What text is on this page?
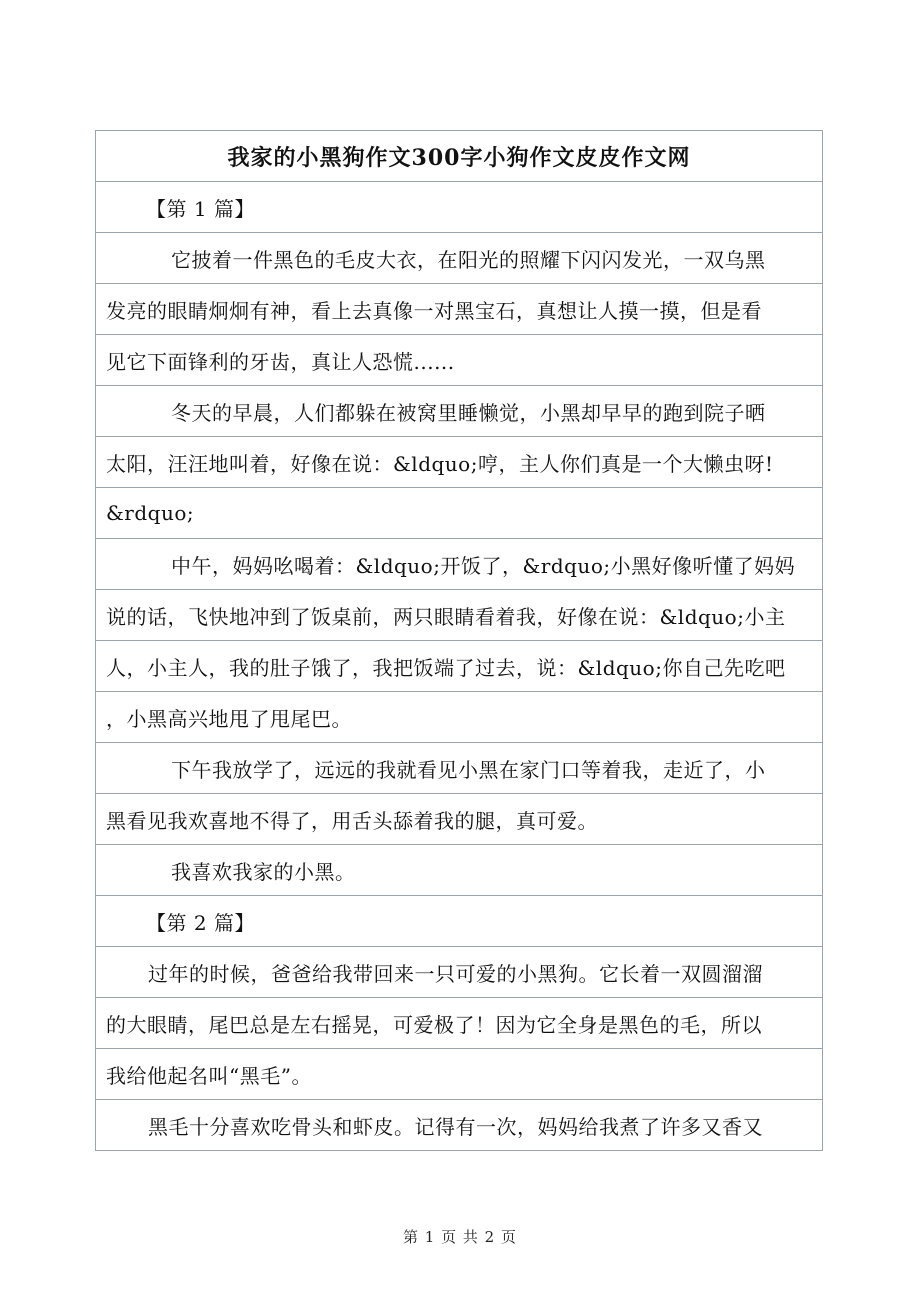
我家的小黑狗作文300字小狗作文皮皮作文网
【第 1 篇】
它披着一件黑色的毛皮大衣，在阳光的照耀下闪闪发光，一双乌黑
发亮的眼睛炯炯有神，看上去真像一对黑宝石，真想让人摸一摸，但是看
见它下面锋利的牙齿，真让人恐慌......
冬天的早晨，人们都躲在被窝里睡懒觉，小黑却早早的跑到院子晒
太阳，汪汪地叫着，好像在说：&ldquo;哼，主人你们真是一个大懒虫呀!
&rdquo;
中午，妈妈吆喝着：&ldquo;开饭了，&rdquo;小黑好像听懂了妈妈
说的话，飞快地冲到了饭桌前，两只眼睛看着我，好像在说：&ldquo;小主
人，小主人，我的肚子饿了，我把饭端了过去，说：&ldquo;你自己先吃吧
，小黑高兴地甩了甩尾巴。
下午我放学了，远远的我就看见小黑在家门口等着我，走近了，小
黑看见我欢喜地不得了，用舌头舔着我的腿，真可爱。
我喜欢我家的小黑。
【第 2 篇】
过年的时候，爸爸给我带回来一只可爱的小黑狗。它长着一双圆溜溜
的大眼睛，尾巴总是左右摇晃，可爱极了！因为它全身是黑色的毛，所以
我给他起名叫“黑毛”。
黑毛十分喜欢吃骨头和虾皮。记得有一次，妈妈给我煮了许多又香又
第 1 页 共 2 页
